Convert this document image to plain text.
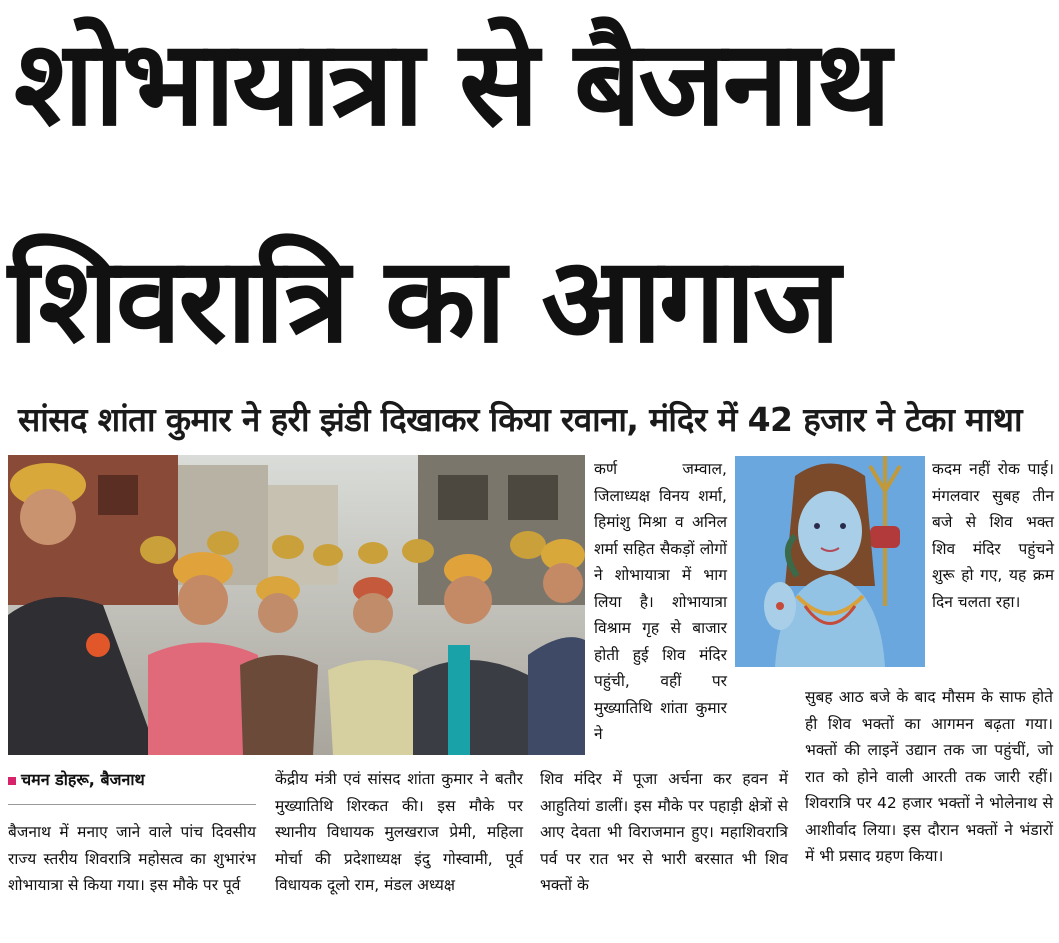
शोभायात्रा से बैजनाथ
शिवरात्रि का आगाज
सांसद शांता कुमार ने हरी झंडी दिखाकर किया रवाना, मंदिर में 42 हजार ने टेका माथा
चमन डोहरू, बैजनाथ

बैजनाथ में मनाए जाने वाले पांच दिवसीय राज्य स्तरीय शिवरात्रि महोसत्व का शुभारंभ शोभायात्रा से किया गया। इस मौके पर पूर्व

केंद्रीय मंत्री एवं सांसद शांता कुमार ने बतौर मुख्यातिथि शिरकत की। इस मौके पर स्थानीय विधायक मुलखराज प्रेमी, महिला मोर्चा की प्रदेशाध्यक्ष इंदु गोस्वामी, पूर्व विधायक दूलो राम, मंडल अध्यक्ष

कर्ण जम्वाल, जिलाध्यक्ष विनय शर्मा, हिमांशु मिश्रा व अनिल शर्मा सहित सैकड़ों लोगों ने शोभायात्रा में भाग लिया है। शोभायात्रा विश्राम गृह से बाजार होती हुई शिव मंदिर पहुंची, वहीं पर मुख्यातिथि शांता कुमार ने

शिव मंदिर में पूजा अर्चना कर हवन में आहुतियां डालीं। इस मौके पर पहाड़ी क्षेत्रों से आए देवता भी विराजमान हुए। महाशिवरात्रि पर्व पर रात भर से भारी बरसात भी शिव भक्तों के

कदम नहीं रोक पाई। मंगलवार सुबह तीन बजे से शिव भक्त शिव मंदिर पहुंचने शुरू हो गए, यह क्रम दिन चलता रहा।

सुबह आठ बजे के बाद मौसम के साफ होते ही शिव भक्तों का आगमन बढ़ता गया। भक्तों की लाइनें उद्यान तक जा पहुंचीं, जो रात को होने वाली आरती तक जारी रहीं। शिवरात्रि पर 42 हजार भक्तों ने भोलेनाथ से आशीर्वाद लिया। इस दौरान भक्तों ने भंडारों में भी प्रसाद ग्रहण किया।
